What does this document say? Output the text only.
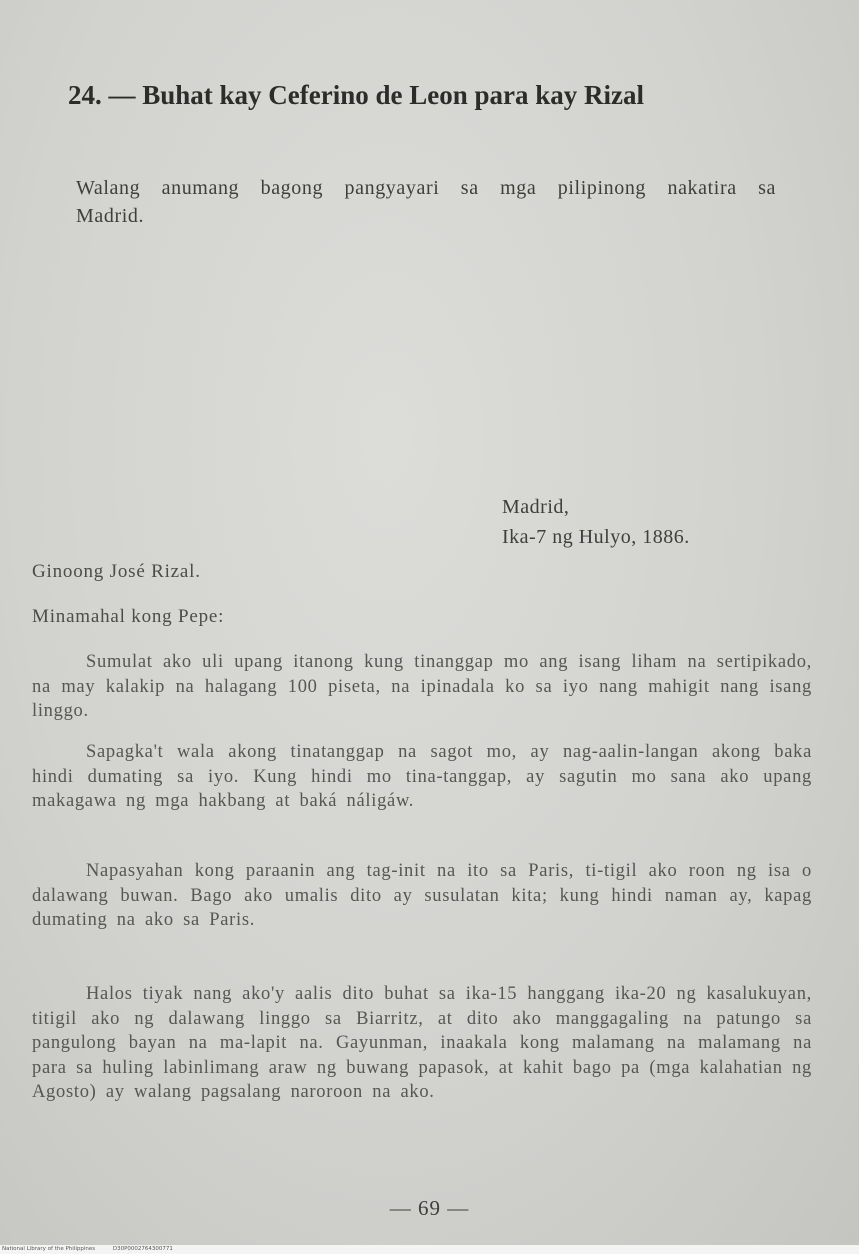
24. — Buhat kay Ceferino de Leon para kay Rizal
Walang anumang bagong pangyayari sa mga pilipinong nakatira sa Madrid.
Madrid,
Ika-7 ng Hulyo, 1886.
Ginoong José Rizal.
Minamahal kong Pepe:
Sumulat ako uli upang itanong kung tinanggap mo ang isang liham na sertipikado, na may kalakip na halagang 100 piseta, na ipinadala ko sa iyo nang mahigit nang isang linggo.
Sapagka't wala akong tinatanggap na sagot mo, ay nag-aalin-langan akong baka hindi dumating sa iyo. Kung hindi mo tina-tanggap, ay sagutin mo sana ako upang makagawa ng mga hakbang at baká náligáw.
Napasyahan kong paraanin ang tag-init na ito sa Paris, ti-tigil ako roon ng isa o dalawang buwan. Bago ako umalis dito ay susulatan kita; kung hindi naman ay, kapag dumating na ako sa Paris.
Halos tiyak nang ako'y aalis dito buhat sa ika-15 hanggang ika-20 ng kasalukuyan, titigil ako ng dalawang linggo sa Biarritz, at dito ako manggagaling na patungo sa pangulong bayan na ma-lapit na. Gayunman, inaakala kong malamang na malamang na para sa huling labinlimang araw ng buwang papasok, at kahit bago pa (mga kalahatian ng Agosto) ay walang pagsalang naroroon na ako.
— 69 —
National Library of the Philippines	D30P0002764300771
